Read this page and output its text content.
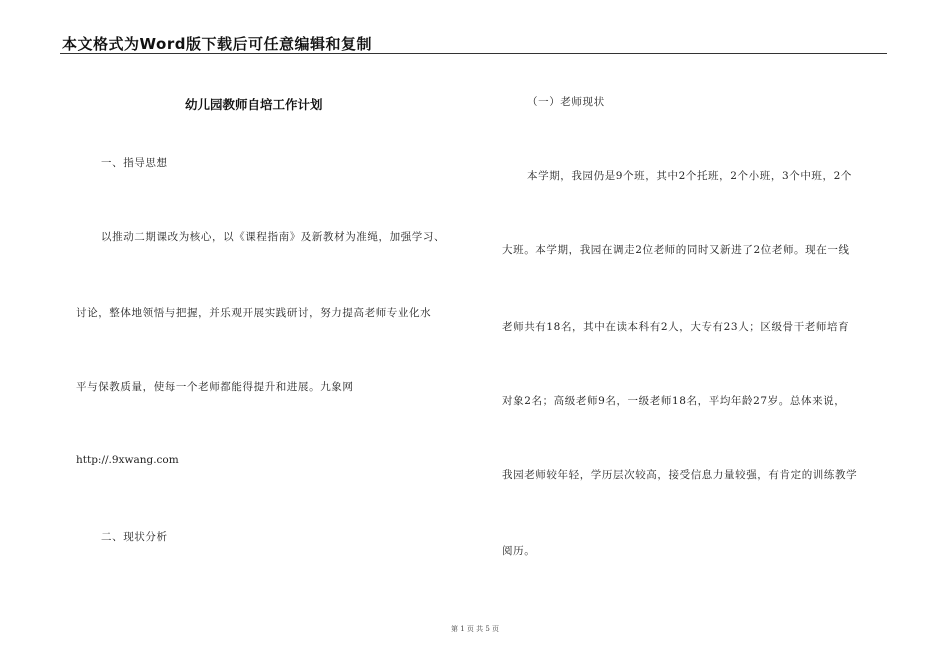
本文格式为Word版下载后可任意编辑和复制
幼儿园教师自培工作计划
一、指导思想
以推动二期课改为核心，以《课程指南》及新教材为准绳，加强学习、
讨论，整体地领悟与把握，并乐观开展实践研讨，努力提高老师专业化水
平与保教质量，使每一个老师都能得提升和进展。九象网
http://.9xwang.com
二、现状分析
（一）老师现状
本学期，我园仍是9个班，其中2个托班，2个小班，3个中班，2个
大班。本学期，我园在调走2位老师的同时又新进了2位老师。现在一线
老师共有18名，其中在读本科有2人，大专有23人；区级骨干老师培育
对象2名；高级老师9名，一级老师18名，平均年龄27岁。总体来说，
我园老师较年轻，学历层次较高，接受信息力量较强，有肯定的训练教学
阅历。
第 1 页 共 5 页
